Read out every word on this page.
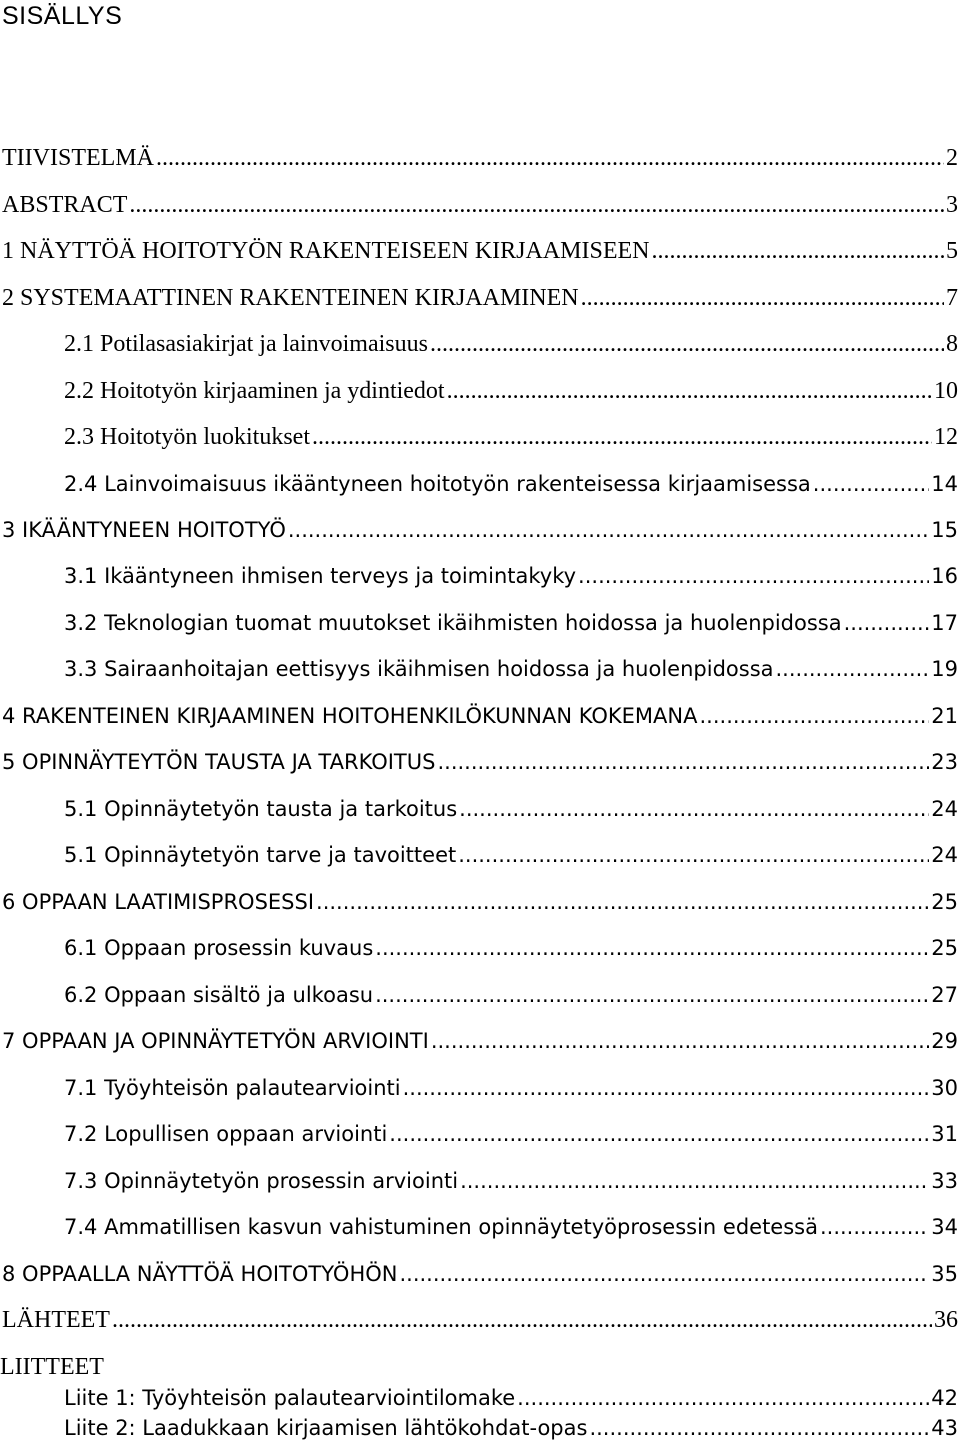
SISÄLLYS
TIIVISTELMÄ .....	2
ABSTRACT .....	3
1 NÄYTTÖÄ HOITOTYÖN RAKENTEISEEN KIRJAAMISEEN .....	5
2 SYSTEMAATTINEN RAKENTEINEN KIRJAAMINEN .....	7
2.1 Potilasasiakirjat ja lainvoimaisuus .....	8
2.2 Hoitotyön kirjaaminen ja ydintiedot .....	10
2.3 Hoitotyön luokitukset .....	12
2.4 Lainvoimaisuus ikääntyneen hoitotyön rakenteisessa kirjaamisessa .....	14
3 IKÄÄNTYNEEN HOITOTYÖ .....	15
3.1 Ikääntyneen ihmisen terveys ja toimintakyky .....	16
3.2 Teknologian tuomat muutokset ikäihmisten hoidossa ja huolenpidossa .....	17
3.3 Sairaanhoitajan eettisyys ikäihmisen hoidossa ja huolenpidossa .....	19
4 RAKENTEINEN KIRJAAMINEN HOITOHENKILÖKUNNAN KOKEMANA .....	21
5 OPINNÄYTEYTÖN TAUSTA JA TARKOITUS .....	23
5.1 Opinnäytetyön tausta ja tarkoitus .....	24
5.1 Opinnäytetyön tarve ja tavoitteet .....	24
6 OPPAAN LAATIMISPROSESSI .....	25
6.1 Oppaan prosessin kuvaus .....	25
6.2 Oppaan sisältö ja ulkoasu .....	27
7 OPPAAN JA OPINNÄYTETYÖN ARVIOINTI .....	29
7.1 Työyhteisön palautearviointi .....	30
7.2 Lopullisen oppaan arviointi .....	31
7.3 Opinnäytetyön prosessin arviointi .....	33
7.4 Ammatillisen kasvun vahistuminen opinnäytetyöprosessin edetessä .....	34
8 OPPAALLA NÄYTTÖÄ HOITOTYÖHÖN .....	35
LÄHTEET .....	36
LIITTEET
Liite 1: Työyhteisön palautearviointilomake .....	42
Liite 2: Laadukkaan kirjaamisen lähtökohdat-opas .....	43
